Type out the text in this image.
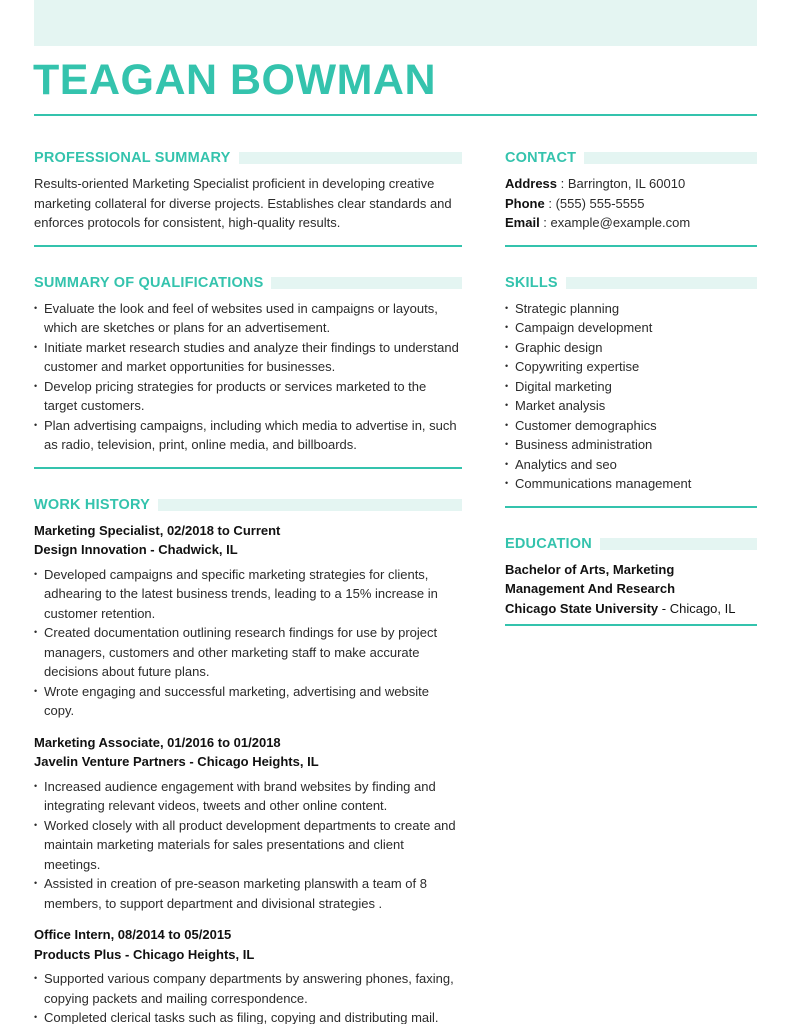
TEAGAN BOWMAN
PROFESSIONAL SUMMARY

Results-oriented Marketing Specialist proficient in developing creative marketing collateral for diverse projects. Establishes clear standards and enforces protocols for consistent, high-quality results.

SUMMARY OF QUALIFICATIONS
• Evaluate the look and feel of websites used in campaigns or layouts, which are sketches or plans for an advertisement.
• Initiate market research studies and analyze their findings to understand customer and market opportunities for businesses.
• Develop pricing strategies for products or services marketed to the target customers.
• Plan advertising campaigns, including which media to advertise in, such as radio, television, print, online media, and billboards.
WORK HISTORY
Marketing Specialist, 02/2018 to Current
Design Innovation - Chadwick, IL
• Developed campaigns and specific marketing strategies for clients, adhearing to the latest business trends, leading to a 15% increase in customer retention.
• Created documentation outlining research findings for use by project managers, customers and other marketing staff to make accurate decisions about future plans.
• Wrote engaging and successful marketing, advertising and website copy.
Marketing Associate, 01/2016 to 01/2018
Javelin Venture Partners - Chicago Heights, IL
• Increased audience engagement with brand websites by finding and integrating relevant videos, tweets and other online content.
• Worked closely with all product development departments to create and maintain marketing materials for sales presentations and client meetings.
• Assisted in creation of pre-season marketing planswith a team of 8 members, to support department and divisional strategies .
Office Intern, 08/2014 to 05/2015
Products Plus - Chicago Heights, IL
• Supported various company departments by answering phones, faxing, copying packets and mailing correspondence.
• Completed clerical tasks such as filing, copying and distributing mail.
CONTACT
Address : Barrington, IL 60010
Phone : (555) 555-5555
Email : example@example.com
SKILLS
• Strategic planning
• Campaign development
• Graphic design
• Copywriting expertise
• Digital marketing
• Market analysis
• Customer demographics
• Business administration
• Analytics and seo
• Communications management
EDUCATION
Bachelor of Arts, Marketing Management And Research
Chicago State University - Chicago, IL
